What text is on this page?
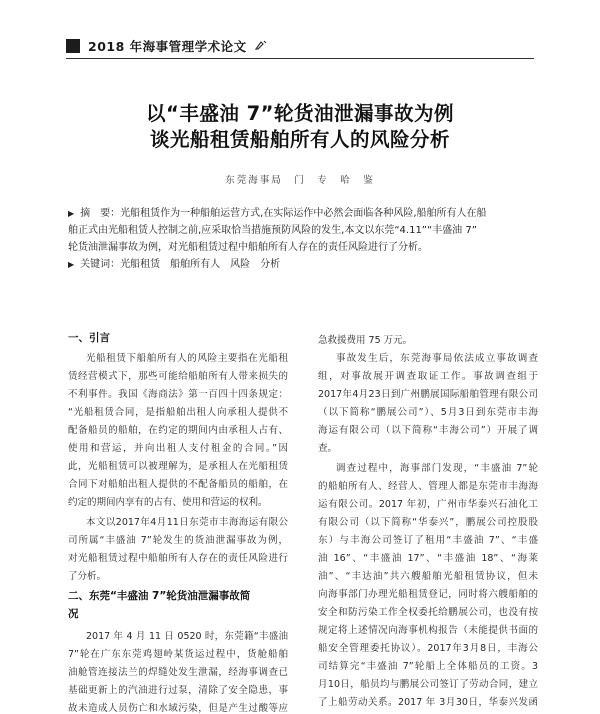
2018 年海事管理学术论文
以“丰盛油 7”轮货油泄漏事故为例
谈光船租赁船舶所有人的风险分析
东莞海事局　门　专　哈　鉴
▶ 摘　要：光船租赁作为一种船舶运营方式,在实际运作中必然会面临各种风险,船舶所有人在船
舶正式由光船租赁人控制之前,应采取恰当措施预防风险的发生,本文以东莞“4.11”“丰盛油 7”
轮货油泄漏事故为例，对光船租赁过程中船舶所有人存在的责任风险进行了分析。
▶ 关键词：光船租赁　船舶所有人　风险　分析
一、引言
光船租赁下船舶所有人的风险主要指在光船租
赁经营模式下，那些可能给船舶所有人带来损失的
不利事件。我国《海商法》第一百四十四条规定：
“光船租赁合同，是指船舶出租人向承租人提供不
配备船员的船舶，在约定的期间内由承租人占有、
使用和营运，并向出租人支付租金的合同。”因
此，光船租赁可以被理解为，是承租人在光船租赁
合同下对船舶出租人提供的不配备船员的船舶，在
约定的期间内享有的占有、使用和营运的权利。
本文以2017年4月11日东莞市丰海海运有限公
司所属“丰盛油 7”轮发生的货油泄漏事故为例，
对光船租赁过程中船舶所有人存在的责任风险进行
了分析。
二、东莞“丰盛油 7”轮货油泄漏事故简
况
2017 年 4 月 11 日 0520 时，东莞籍“丰盛油
7”轮在广东东莞鸡翅岭某货运过程中，货舱船舶
油舱管连接法兰的焊缝处发生泄漏，经海事调查已
基础更新上的汽油进行过泵，清除了安全隐患，事
故未造成人员伤亡和水域污染，但是产生过酸等应
急救援费用 75 万元。
事故发生后，东莞海事局依法成立事故调查
组，对事故展开调查取证工作。事故调查组于
2017年4月23日到广州鹏展国际船舶管理有限公司
（以下简称“鹏展公司”）、5月3日到东莞市丰海
海运有限公司（以下简称“丰海公司”）开展了调
查。
调查过程中，海事部门发现，“丰盛油 7”轮
的船舶所有人、经营人、管理人都是东莞市丰海海
运有限公司。2017 年初，广州市华泰兴石油化工
有限公司（以下简称“华泰兴”，鹏展公司控股股
东）与丰海公司签订了租用“丰盛油 7”、“丰盛
油 16”、“丰盛油 17”、“丰盛油 18”、“海莱
油”、“丰达油”共六艘船舶光船租赁协议，但未
向海事部门办理光船租赁登记，同时将六艘船舶的
安全和防污染工作全权委托给鹏展公司，也没有按
规定将上述情况向海事机构报告（未能提供书面的
船安全管理委托协议）。2017年3月8日，丰海公
司结算完“丰盛油 7”轮船上全体船员的工资。3
月10日，船员均与鹏展公司签订了劳动合同，建立
了上船劳动关系。2017 年 3月30日，华泰兴发函
